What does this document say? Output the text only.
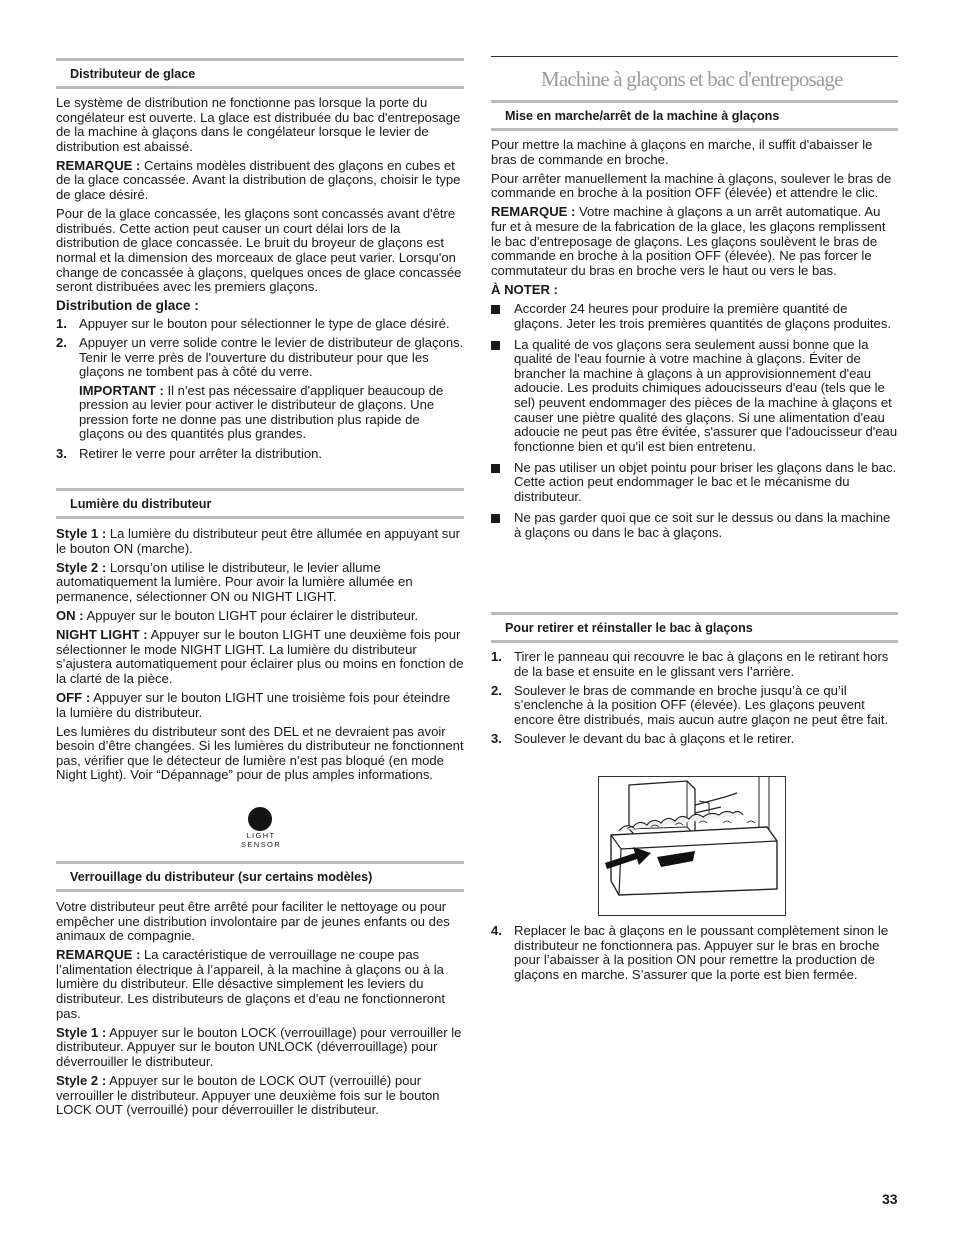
Distributeur de glace

Le système de distribution ne fonctionne pas lorsque la porte du congélateur est ouverte. La glace est distribuée du bac d'entreposage de la machine à glaçons dans le congélateur lorsque le levier de distribution est abaissé.

REMARQUE : Certains modèles distribuent des glaçons en cubes et de la glace concassée. Avant la distribution de glaçons, choisir le type de glace désiré.

Pour de la glace concassée, les glaçons sont concassés avant d'être distribués. Cette action peut causer un court délai lors de la distribution de glace concassée. Le bruit du broyeur de glaçons est normal et la dimension des morceaux de glace peut varier. Lorsqu'on change de concassée à glaçons, quelques onces de glace concassée seront distribuées avec les premiers glaçons.

Distribution de glace :
1. Appuyer sur le bouton pour sélectionner le type de glace désiré.
2. Appuyer un verre solide contre le levier de distributeur de glaçons. Tenir le verre près de l'ouverture du distributeur pour que les glaçons ne tombent pas à côté du verre.
IMPORTANT : Il n'est pas nécessaire d'appliquer beaucoup de pression au levier pour activer le distributeur de glaçons. Une pression forte ne donne pas une distribution plus rapide de glaçons ou des quantités plus grandes.
3. Retirer le verre pour arrêter la distribution.
Lumière du distributeur

Style 1 : La lumière du distributeur peut être allumée en appuyant sur le bouton ON (marche).

Style 2 : Lorsqu’on utilise le distributeur, le levier allume automatiquement la lumière. Pour avoir la lumière allumée en permanence, sélectionner ON ou NIGHT LIGHT.

ON : Appuyer sur le bouton LIGHT pour éclairer le distributeur.

NIGHT LIGHT : Appuyer sur le bouton LIGHT une deuxième fois pour sélectionner le mode NIGHT LIGHT. La lumière du distributeur s’ajustera automatiquement pour éclairer plus ou moins en fonction de la clarté de la pièce.

OFF : Appuyer sur le bouton LIGHT une troisième fois pour éteindre la lumière du distributeur.

Les lumières du distributeur sont des DEL et ne devraient pas avoir besoin d’être changées. Si les lumières du distributeur ne fonctionnent pas, vérifier que le détecteur de lumière n’est pas bloqué (en mode Night Light). Voir “Dépannage” pour de plus amples informations.

LIGHT SENSOR
Verrouillage du distributeur (sur certains modèles)

Votre distributeur peut être arrêté pour faciliter le nettoyage ou pour empêcher une distribution involontaire par de jeunes enfants ou des animaux de compagnie.

REMARQUE : La caractéristique de verrouillage ne coupe pas l’alimentation électrique à l’appareil, à la machine à glaçons ou à la lumière du distributeur. Elle désactive simplement les leviers du distributeur. Les distributeurs de glaçons et d'eau ne fonctionneront pas.

Style 1 : Appuyer sur le bouton LOCK (verrouillage) pour verrouiller le distributeur. Appuyer sur le bouton UNLOCK (déverrouillage) pour déverrouiller le distributeur.

Style 2 : Appuyer sur le bouton de LOCK OUT (verrouillé) pour verrouiller le distributeur. Appuyer une deuxième fois sur le bouton LOCK OUT (verrouillé) pour déverrouiller le distributeur.

Machine à glaçons et bac d'entreposage
Mise en marche/arrêt de la machine à glaçons

Pour mettre la machine à glaçons en marche, il suffit d'abaisser le bras de commande en broche.

Pour arrêter manuellement la machine à glaçons, soulever le bras de commande en broche à la position OFF (élevée) et attendre le clic.

REMARQUE : Votre machine à glaçons a un arrêt automatique. Au fur et à mesure de la fabrication de la glace, les glaçons remplissent le bac d'entreposage de glaçons. Les glaçons soulèvent le bras de commande en broche à la position OFF (élevée). Ne pas forcer le commutateur du bras en broche vers le haut ou vers le bas.

À NOTER :

Accorder 24 heures pour produire la première quantité de glaçons. Jeter les trois premières quantités de glaçons produites.
La qualité de vos glaçons sera seulement aussi bonne que la qualité de l'eau fournie à votre machine à glaçons. Éviter de brancher la machine à glaçons à un approvisionnement d'eau adoucie. Les produits chimiques adoucisseurs d'eau (tels que le sel) peuvent endommager des pièces de la machine à glaçons et causer une piètre qualité des glaçons. Si une alimentation d'eau adoucie ne peut pas être évitée, s'assurer que l'adoucisseur d'eau fonctionne bien et qu'il est bien entretenu.
Ne pas utiliser un objet pointu pour briser les glaçons dans le bac. Cette action peut endommager le bac et le mécanisme du distributeur.
Ne pas garder quoi que ce soit sur le dessus ou dans la machine à glaçons ou dans le bac à glaçons.
Pour retirer et réinstaller le bac à glaçons
1. Tirer le panneau qui recouvre le bac à glaçons en le retirant hors de la base et ensuite en le glissant vers l’arrière.
2. Soulever le bras de commande en broche jusqu’à ce qu’il s’enclenche à la position OFF (élevée). Les glaçons peuvent encore être distribués, mais aucun autre glaçon ne peut être fait.
3. Soulever le devant du bac à glaçons et le retirer.
4. Replacer le bac à glaçons en le poussant complètement sinon le distributeur ne fonctionnera pas. Appuyer sur le bras en broche pour l’abaisser à la position ON pour remettre la production de glaçons en marche. S’assurer que la porte est bien fermée.
33
